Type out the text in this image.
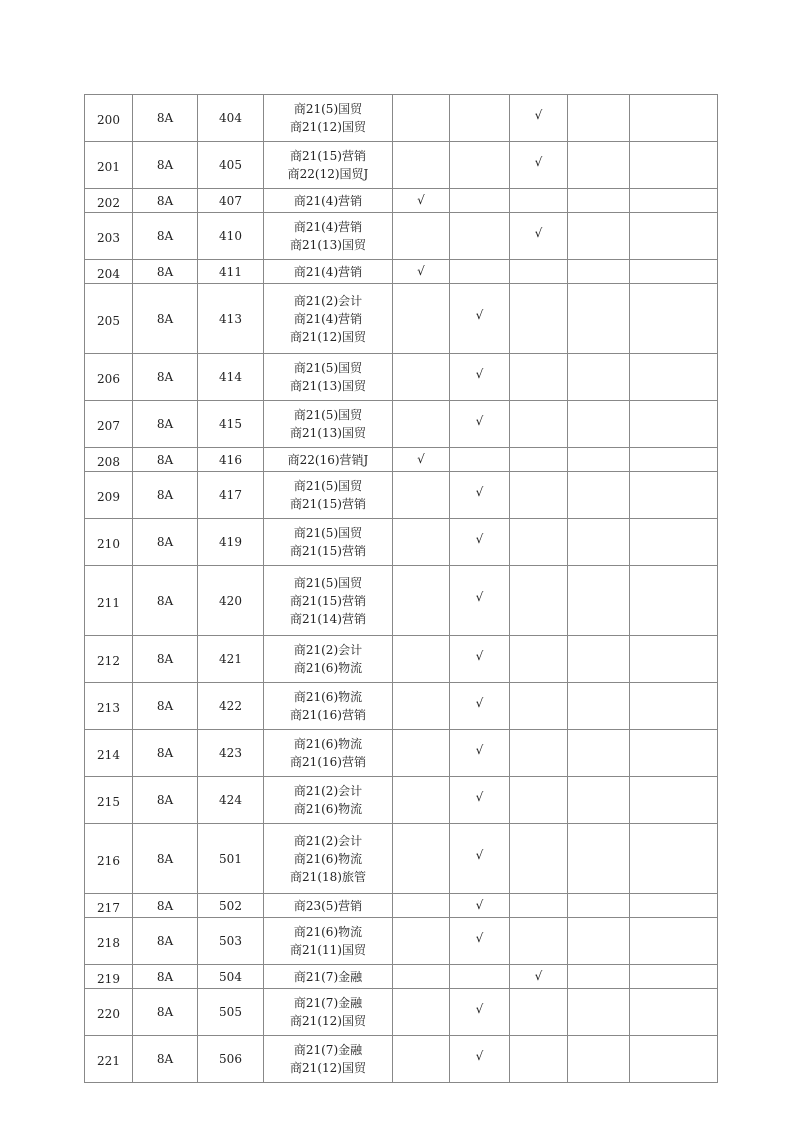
200	8A	404	商21(5)国贸
商21(12)国贸			√			
201	8A	405	商21(15)营销
商22(12)国贸J			√			
202	8A	407	商21(4)营销	√					
203	8A	410	商21(4)营销
商21(13)国贸			√			
204	8A	411	商21(4)营销	√					
205	8A	413	商21(2)会计
商21(4)营销
商21(12)国贸		√				
206	8A	414	商21(5)国贸
商21(13)国贸		√				
207	8A	415	商21(5)国贸
商21(13)国贸		√				
208	8A	416	商22(16)营销J	√					
209	8A	417	商21(5)国贸
商21(15)营销		√				
210	8A	419	商21(5)国贸
商21(15)营销		√				
211	8A	420	商21(5)国贸
商21(15)营销
商21(14)营销		√				
212	8A	421	商21(2)会计
商21(6)物流		√				
213	8A	422	商21(6)物流
商21(16)营销		√				
214	8A	423	商21(6)物流
商21(16)营销		√				
215	8A	424	商21(2)会计
商21(6)物流		√				
216	8A	501	商21(2)会计
商21(6)物流
商21(18)旅管		√				
217	8A	502	商23(5)营销		√				
218	8A	503	商21(6)物流
商21(11)国贸		√				
219	8A	504	商21(7)金融			√			
220	8A	505	商21(7)金融
商21(12)国贸		√				
221	8A	506	商21(7)金融
商21(12)国贸		√				
